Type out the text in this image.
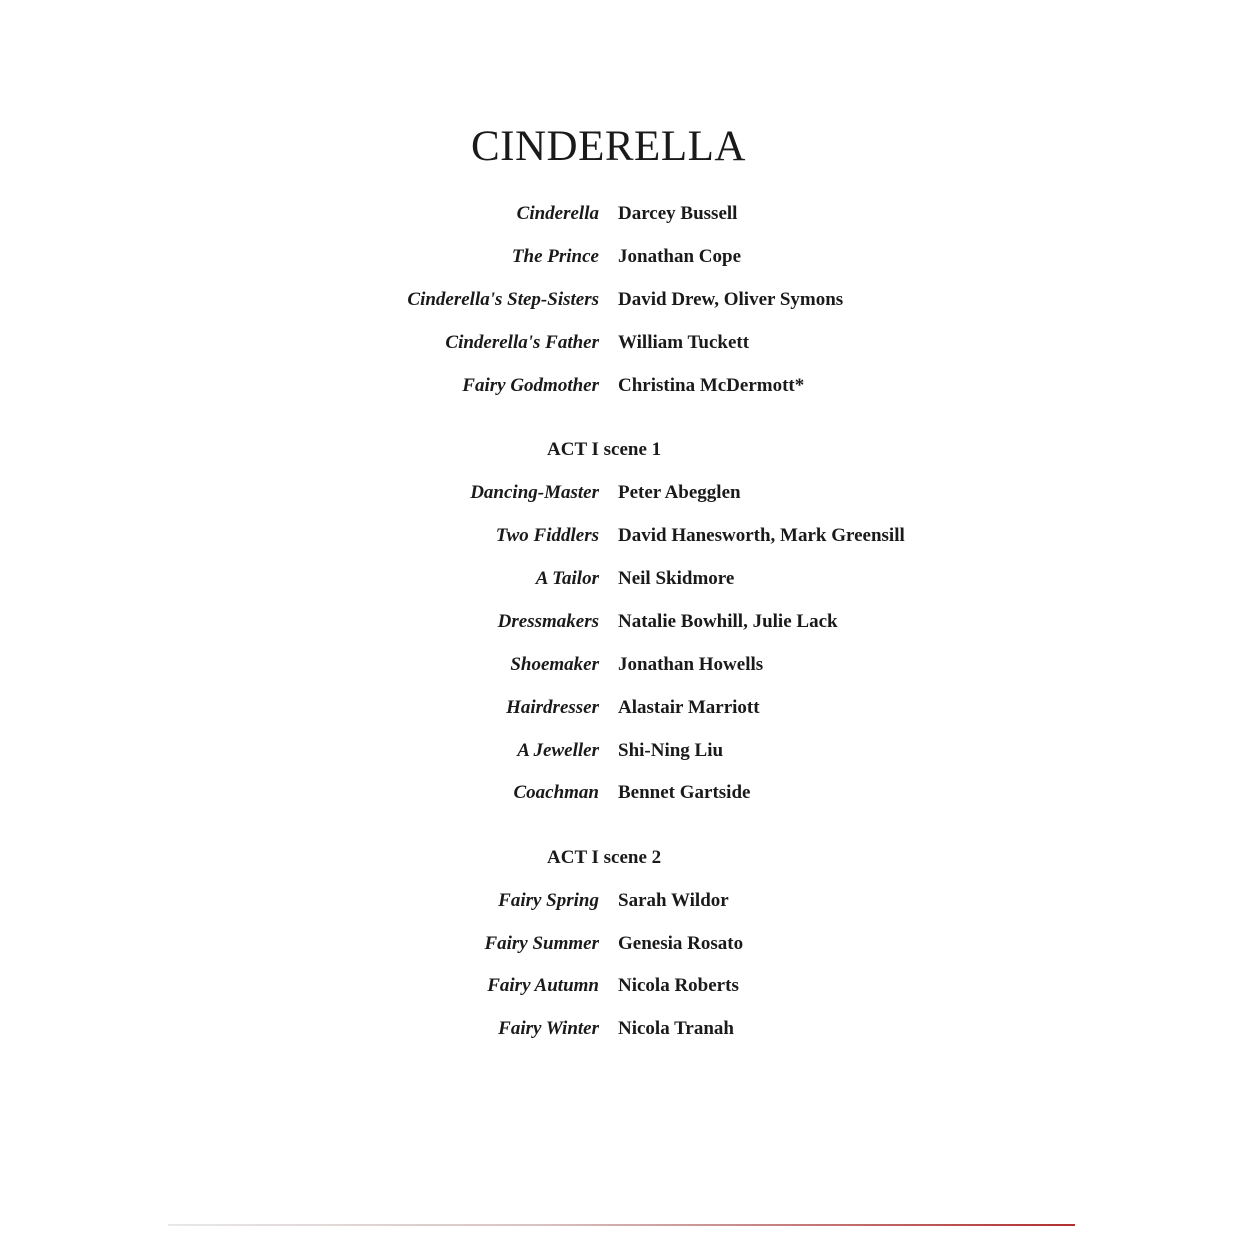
CINDERELLA
Cinderella Darcey Bussell
The Prince Jonathan Cope
Cinderella's Step-Sisters David Drew, Oliver Symons
Cinderella's Father William Tuckett
Fairy Godmother Christina McDermott*
ACT I scene 1
Dancing-Master Peter Abegglen
Two Fiddlers David Hanesworth, Mark Greensill
A Tailor Neil Skidmore
Dressmakers Natalie Bowhill, Julie Lack
Shoemaker Jonathan Howells
Hairdresser Alastair Marriott
A Jeweller Shi-Ning Liu
Coachman Bennet Gartside
ACT I scene 2
Fairy Spring Sarah Wildor
Fairy Summer Genesia Rosato
Fairy Autumn Nicola Roberts
Fairy Winter Nicola Tranah
